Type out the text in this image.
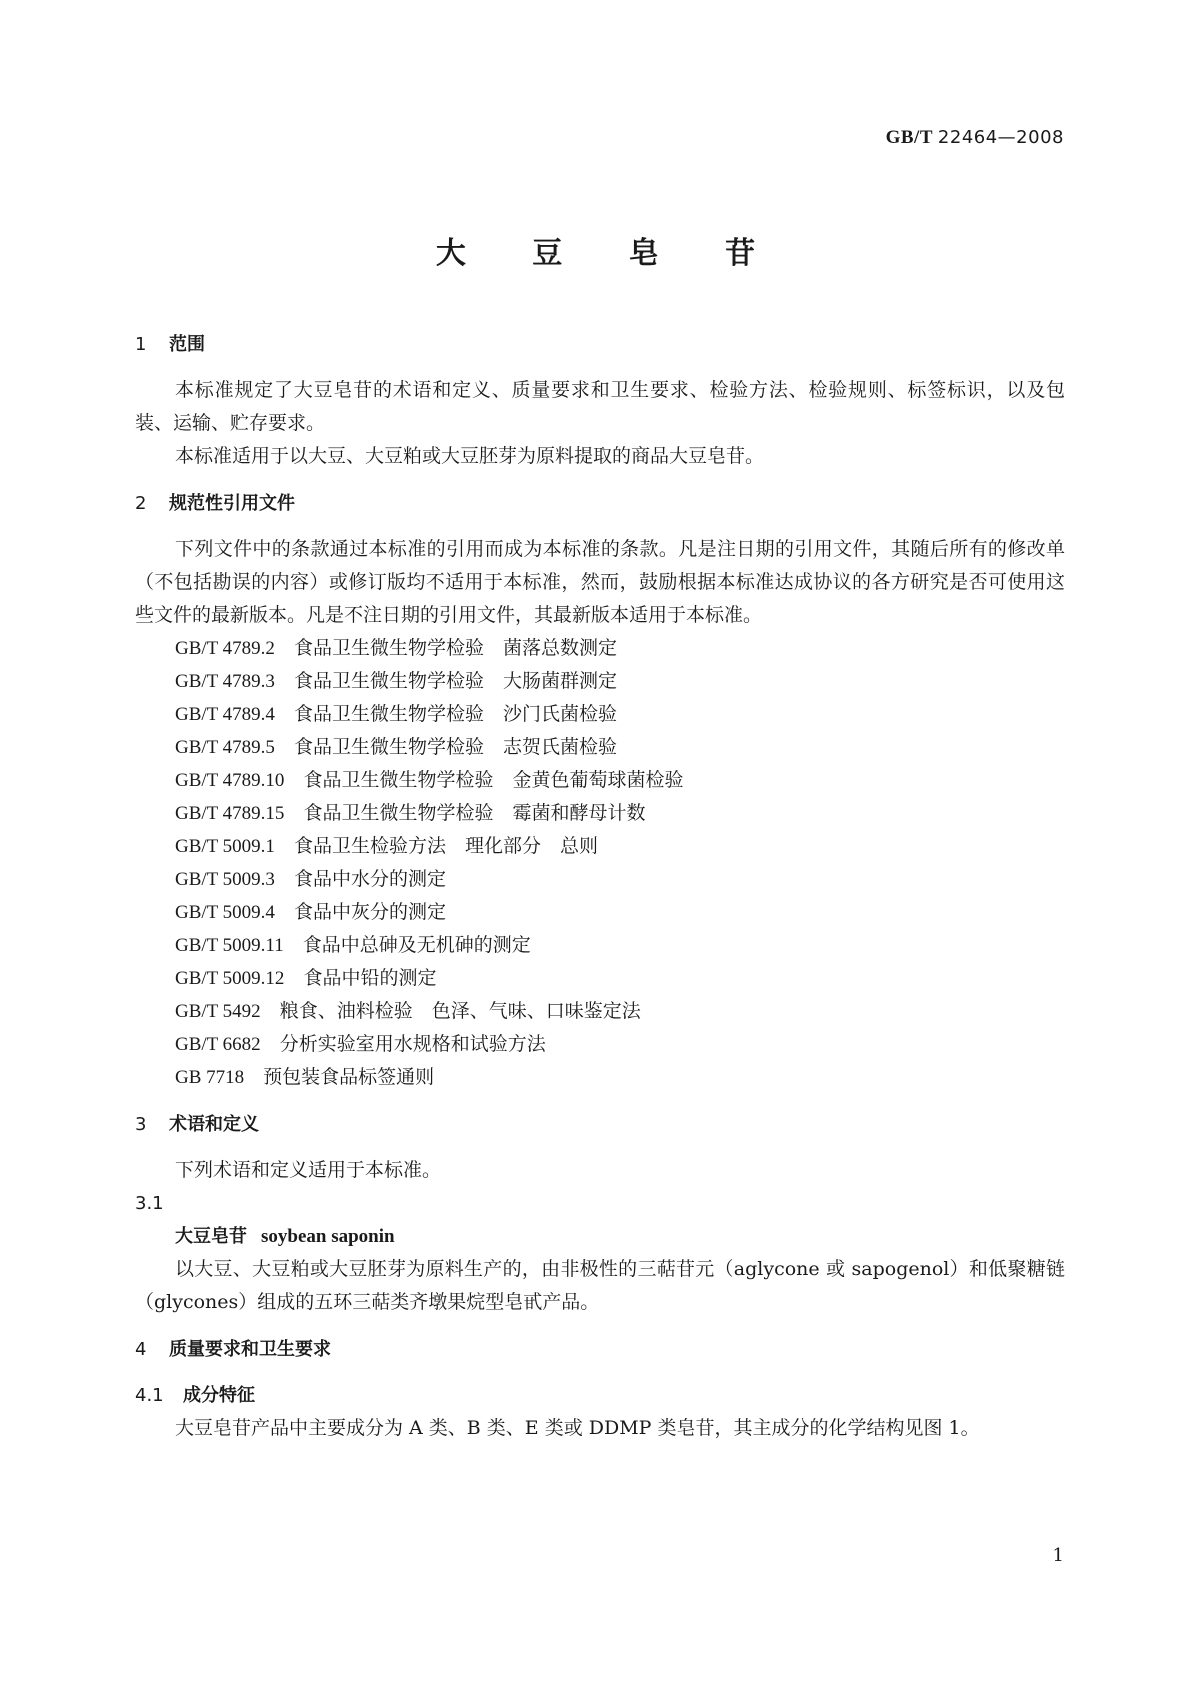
GB/T 22464—2008
大 豆 皂 苷
1 范围
本标准规定了大豆皂苷的术语和定义、质量要求和卫生要求、检验方法、检验规则、标签标识，以及包装、运输、贮存要求。
本标准适用于以大豆、大豆粕或大豆胚芽为原料提取的商品大豆皂苷。
2 规范性引用文件
下列文件中的条款通过本标准的引用而成为本标准的条款。凡是注日期的引用文件，其随后所有的修改单（不包括勘误的内容）或修订版均不适用于本标准，然而，鼓励根据本标准达成协议的各方研究是否可使用这些文件的最新版本。凡是不注日期的引用文件，其最新版本适用于本标准。
GB/T 4789.2　 食品卫生微生物学检验　菌落总数测定
GB/T 4789.3　 食品卫生微生物学检验　大肠菌群测定
GB/T 4789.4　 食品卫生微生物学检验　沙门氏菌检验
GB/T 4789.5　 食品卫生微生物学检验　志贺氏菌检验
GB/T 4789.10　 食品卫生微生物学检验　金黄色葡萄球菌检验
GB/T 4789.15　 食品卫生微生物学检验　霉菌和酵母计数
GB/T 5009.1　 食品卫生检验方法　理化部分　总则
GB/T 5009.3　 食品中水分的测定
GB/T 5009.4　 食品中灰分的测定
GB/T 5009.11　 食品中总砷及无机砷的测定
GB/T 5009.12　 食品中铅的测定
GB/T 5492　 粮食、油料检验　色泽、气味、口味鉴定法
GB/T 6682　 分析实验室用水规格和试验方法
GB 7718　 预包装食品标签通则
3 术语和定义
下列术语和定义适用于本标准。
3.1
大豆皂苷 soybean saponin
以大豆、大豆粕或大豆胚芽为原料生产的，由非极性的三萜苷元（aglycone 或 sapogenol）和低聚糖链（glycones）组成的五环三萜类齐墩果烷型皂甙产品。
4 质量要求和卫生要求
4.1 成分特征
大豆皂苷产品中主要成分为 A 类、B 类、E 类或 DDMP 类皂苷，其主成分的化学结构见图 1。
1
